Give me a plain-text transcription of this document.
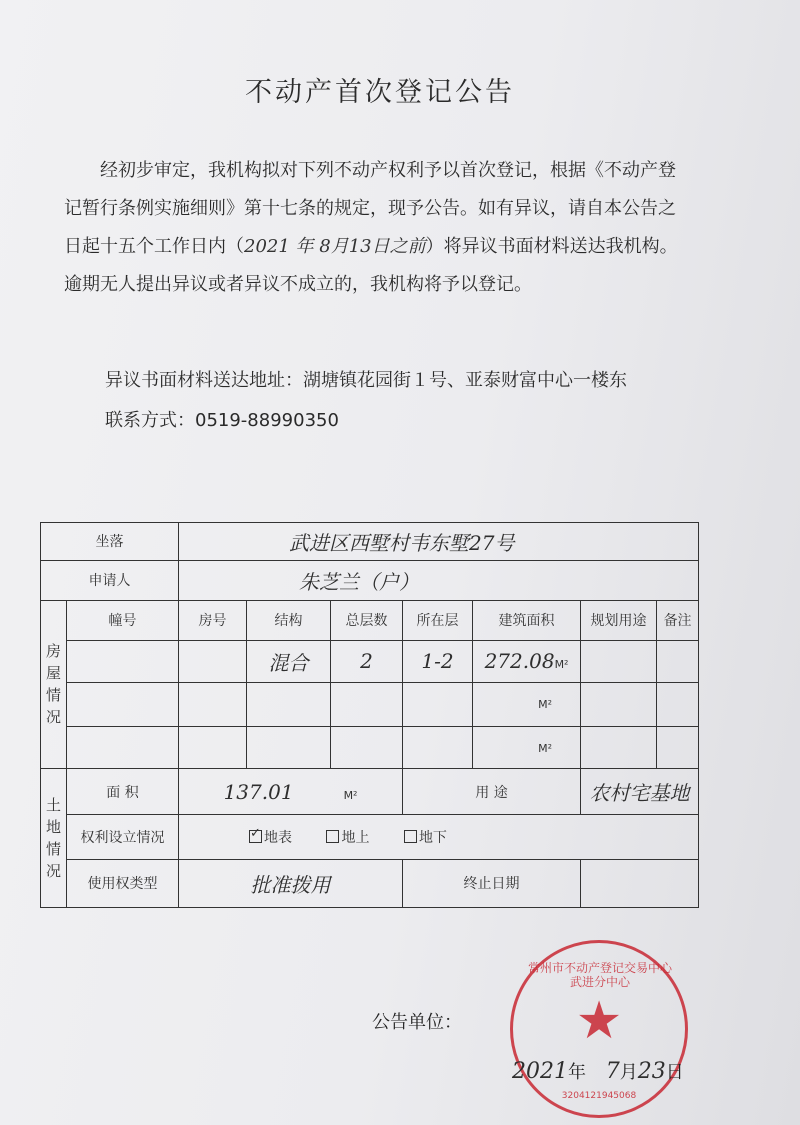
不动产首次登记公告
经初步审定，我机构拟对下列不动产权利予以首次登记，根据《不动产登记暂行条例实施细则》第十七条的规定，现予公告。如有异议，请自本公告之日起十五个工作日内（2021 年 8月13日之前）将异议书面材料送达我机构。逾期无人提出异议或者异议不成立的，我机构将予以登记。
异议书面材料送达地址：湖塘镇花园街１号、亚泰财富中心一楼东
联系方式：0519-88990350
坐落		武进区西墅村韦东墅27号						
申请人		朱芝兰（户）						
房屋情况	幢号	房号	结构	总层数	所在层	建筑面积	规划用途	备注
			混合	2	1-2	272.08M²		
						M²		
						M²		
土地情况	面 积	137.01 M²			用 途		农村宅基地	
	权利设立情况	✓地表 地上 地下
	使用权类型	批准拨用			终止日期			
公告单位：
常州市不动产登记交易中心武进分中心
★
3204121945068
2021年 7月23日
